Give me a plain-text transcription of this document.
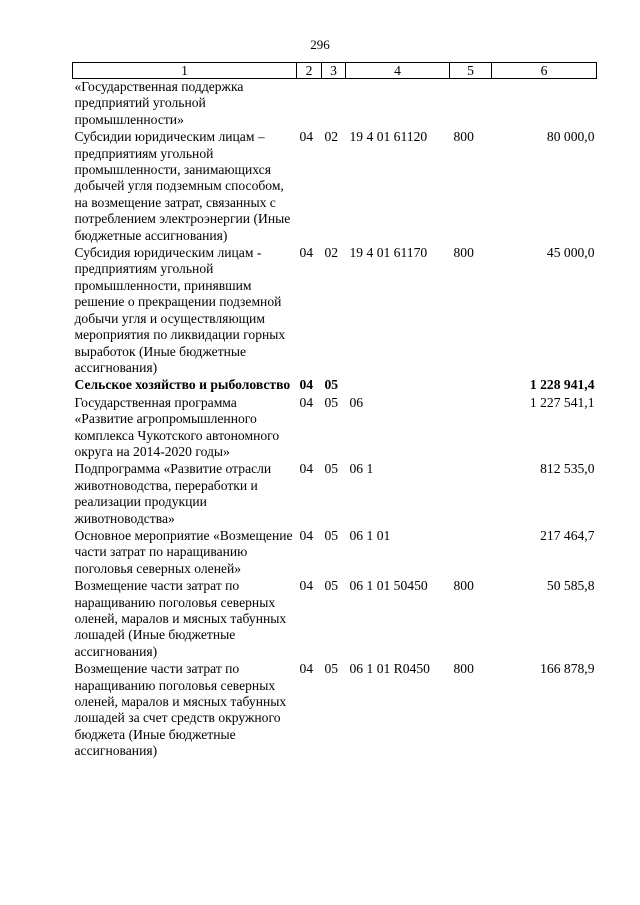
296
1	2	3	4	5	6
«Государственная поддержка предприятий угольной промышленности»					
Субсидии юридическим лицам – предприятиям угольной промышленности, занимающихся добычей угля подземным способом, на возмещение затрат, связанных с потреблением электроэнергии (Иные бюджетные ассигнования)	04	02	19 4 01 61120	800	80 000,0
Субсидия юридическим лицам - предприятиям угольной промышленности, принявшим решение о прекращении подземной добычи угля и осуществляющим мероприятия по ликвидации горных выработок (Иные бюджетные ассигнования)	04	02	19 4 01 61170	800	45 000,0
Сельское хозяйство и рыболовство	04	05			1 228 941,4
Государственная программа «Развитие агропромышленного комплекса Чукотского автономного округа на 2014-2020 годы»	04	05	06		1 227 541,1
Подпрограмма «Развитие отрасли животноводства, переработки и реализации продукции животноводства»	04	05	06 1		812 535,0
Основное мероприятие «Возмещение части затрат по наращиванию поголовья северных оленей»	04	05	06 1 01		217 464,7
Возмещение части затрат по наращиванию поголовья северных оленей, маралов и мясных табунных лошадей (Иные бюджетные ассигнования)	04	05	06 1 01 50450	800	50 585,8
Возмещение части затрат по наращиванию поголовья северных оленей, маралов и мясных табунных лошадей за счет средств окружного бюджета (Иные бюджетные ассигнования)	04	05	06 1 01 R0450	800	166 878,9
